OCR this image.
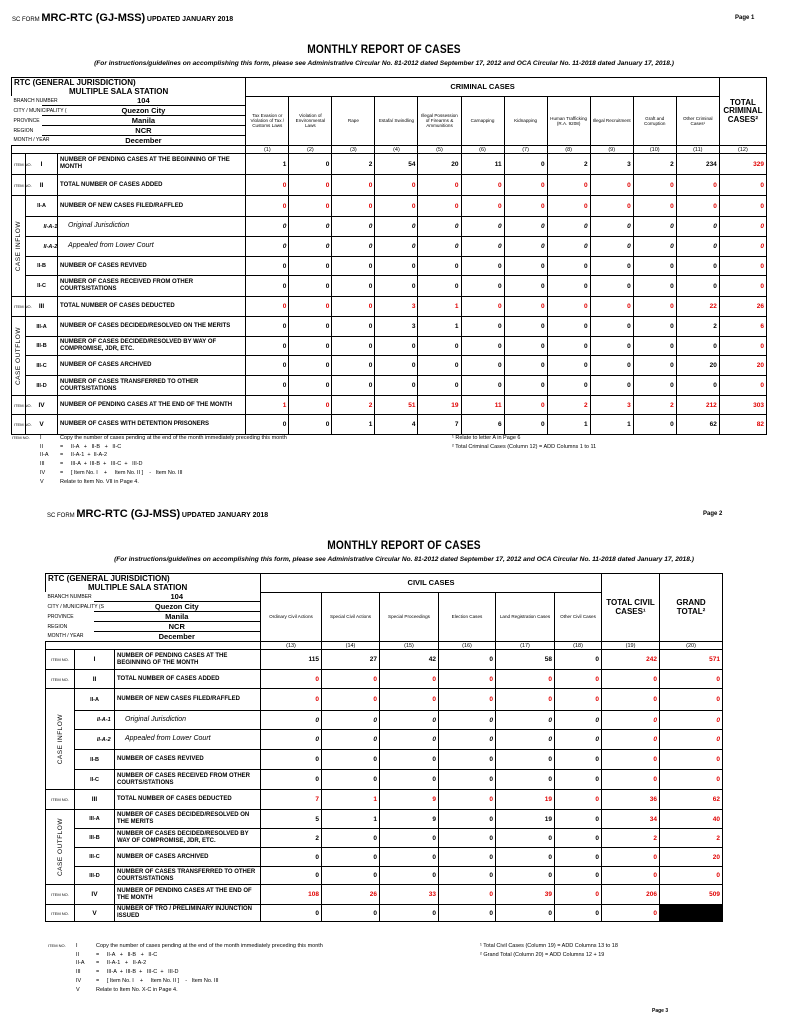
SC FORM MRC-RTC (GJ-MSS) UPDATED JANUARY 2018	Page 1
MONTHLY REPORT OF CASES
(For instructions/guidelines on accomplishing this form, please see Administrative Circular No. 81-2012 dated September 17, 2012 and OCA Circular No. 11-2018 dated January 17, 2018.)
RTC (GENERAL JURISDICTION)
MULTIPLE SALA STATION				CRIMINAL CASES											TOTAL CRIMINAL CASES²
BRANCH NUMBER		104		Tax Evasion or Violation of Tax / Customs Laws	Violation of Environmental Laws	Rape	Estafa/ Swindling	Illegal Possession of Firearms & Ammunitions	Carnapping	Kidnapping	Human Trafficking (R.A. 9208)	Illegal Recruitment	Graft and Corruption	Other Criminal Cases¹	
CITY / MUNICIPALITY (		Quezon City													
PROVINCE		Manila													
REGION		NCR													
MONTH / YEAR		December													
				(1)	(2)	(3)	(4)	(5)	(6)	(7)	(8)	(9)	(10)	(11)	(12)
ITEM NO.	I		NUMBER OF PENDING CASES AT THE BEGINNING OF THE MONTH	1	0	2	54	20	11	0	2	3	2	234	329
ITEM NO.	II		TOTAL NUMBER OF CASES ADDED	0	0	0	0	0	0	0	0	0	0	0	0

CASE INFLOW	II-A		NUMBER OF NEW CASES FILED/RAFFLED	0	0	0	0	0	0	0	0	0	0	0	0
		II-A-1	Original Jurisdiction	0	0	0	0	0	0	0	0	0	0	0	0
		II-A-2	Appealed from Lower Court	0	0	0	0	0	0	0	0	0	0	0	0
	II-B		NUMBER OF CASES REVIVED	0	0	0	0	0	0	0	0	0	0	0	0
	II-C		NUMBER OF CASES RECEIVED FROM OTHER COURTS/STATIONS	0	0	0	0	0	0	0	0	0	0	0	0
ITEM NO.	III		TOTAL NUMBER OF CASES DEDUCTED	0	0	0	3	1	0	0	0	0	0	22	26

CASE OUTFLOW	III-A		NUMBER OF CASES DECIDED/RESOLVED ON THE MERITS	0	0	0	3	1	0	0	0	0	0	2	6
	III-B		NUMBER OF CASES DECIDED/RESOLVED BY WAY OF COMPROMISE, JDR, ETC.	0	0	0	0	0	0	0	0	0	0	0	0
	III-C		NUMBER OF CASES ARCHIVED	0	0	0	0	0	0	0	0	0	0	20	20
	III-D		NUMBER OF CASES TRANSFERRED TO OTHER COURTS/STATIONS	0	0	0	0	0	0	0	0	0	0	0	0
ITEM NO.	IV		NUMBER OF PENDING CASES AT THE END OF THE MONTH	1	0	2	51	19	11	0	2	3	2	212	303
ITEM NO.	V		NUMBER OF CASES WITH DETENTION PRISONERS	0	0	1	4	7	6	0	1	1	0	62	82
ITEM NO.	I	Copy the number of cases pending at the end of the month immediately preceding this month
II	=     II-A   +   II-B   +   II-C
II-A	=     II-A-1  +  II-A-2
III	=     III-A  +  III-B  +   III-C  +   III-D
IV	=     [ Item No. I    +     Item No. II ]    -   Item No. III
V	Relate to Item No. VII in Page 4.
¹ Relate to letter A in Page 6
² Total Criminal Cases (Column 12) = ADD Columns 1 to 11
SC FORM MRC-RTC (GJ-MSS) UPDATED JANUARY 2018	Page 2
MONTHLY REPORT OF CASES
(For instructions/guidelines on accomplishing this form, please see Administrative Circular No. 81-2012 dated September 17, 2012 and OCA Circular No. 11-2018 dated January 17, 2018.)
RTC (GENERAL JURISDICTION)
MULTIPLE SALA STATION				CIVIL CASES						TOTAL CIVIL CASES¹	GRAND TOTAL²
BRANCH NUMBER		104		Ordinary Civil Actions	Special Civil Actions	Special Proceedings	Election Cases	Land Registration Cases	Other Civil Cases		
CITY / MUNICIPALITY (S		Quezon City									
PROVINCE		Manila									
REGION		NCR									
MONTH / YEAR		December									
				(13)	(14)	(15)	(16)	(17)	(18)	(19)	(20)
ITEM NO.	I		NUMBER OF PENDING CASES AT THE BEGINNING OF THE MONTH	115	27	42	0	58	0	242	571
ITEM NO.	II		TOTAL NUMBER OF CASES ADDED	0	0	0	0	0	0	0	0

CASE INFLOW	II-A		NUMBER OF NEW CASES FILED/RAFFLED	0	0	0	0	0	0	0	0
		II-A-1	Original Jurisdiction	0	0	0	0	0	0	0	0
		II-A-2	Appealed from Lower Court	0	0	0	0	0	0	0	0
	II-B		NUMBER OF CASES REVIVED	0	0	0	0	0	0	0	0
	II-C		NUMBER OF CASES RECEIVED FROM OTHER COURTS/STATIONS	0	0	0	0	0	0	0	0
ITEM NO.	III		TOTAL NUMBER OF CASES DEDUCTED	7	1	9	0	19	0	36	62

CASE OUTFLOW	III-A		NUMBER OF CASES DECIDED/RESOLVED ON THE MERITS	5	1	9	0	19	0	34	40
	III-B		NUMBER OF CASES DECIDED/RESOLVED BY WAY OF COMPROMISE, JDR, ETC.	2	0	0	0	0	0	2	2
	III-C		NUMBER OF CASES ARCHIVED	0	0	0	0	0	0	0	20
	III-D		NUMBER OF CASES TRANSFERRED TO OTHER COURTS/STATIONS	0	0	0	0	0	0	0	0
ITEM NO.	IV		NUMBER OF PENDING CASES AT THE END OF THE MONTH	108	26	33	0	39	0	206	509
ITEM NO.	V		NUMBER OF TRO / PRELIMINARY INJUNCTION ISSUED	0	0	0	0	0	0	0	
ITEM NO.	I	Copy the number of cases pending at the end of the month immediately preceding this month
II	=     II-A   +   II-B   +   II-C
II-A	=     II-A-1   +   II-A-2
III	=     III-A  +  III-B  +   III-C  +   III-D
IV	=     [ Item No. I    +     Item No. II ]    -   Item No. III
V	Relate to Item No. X-C in Page 4.
¹ Total Civil Cases (Column 19) = ADD Columns 13 to 18
² Grand Total (Column 20) = ADD Columns 12 + 19
Page 3
